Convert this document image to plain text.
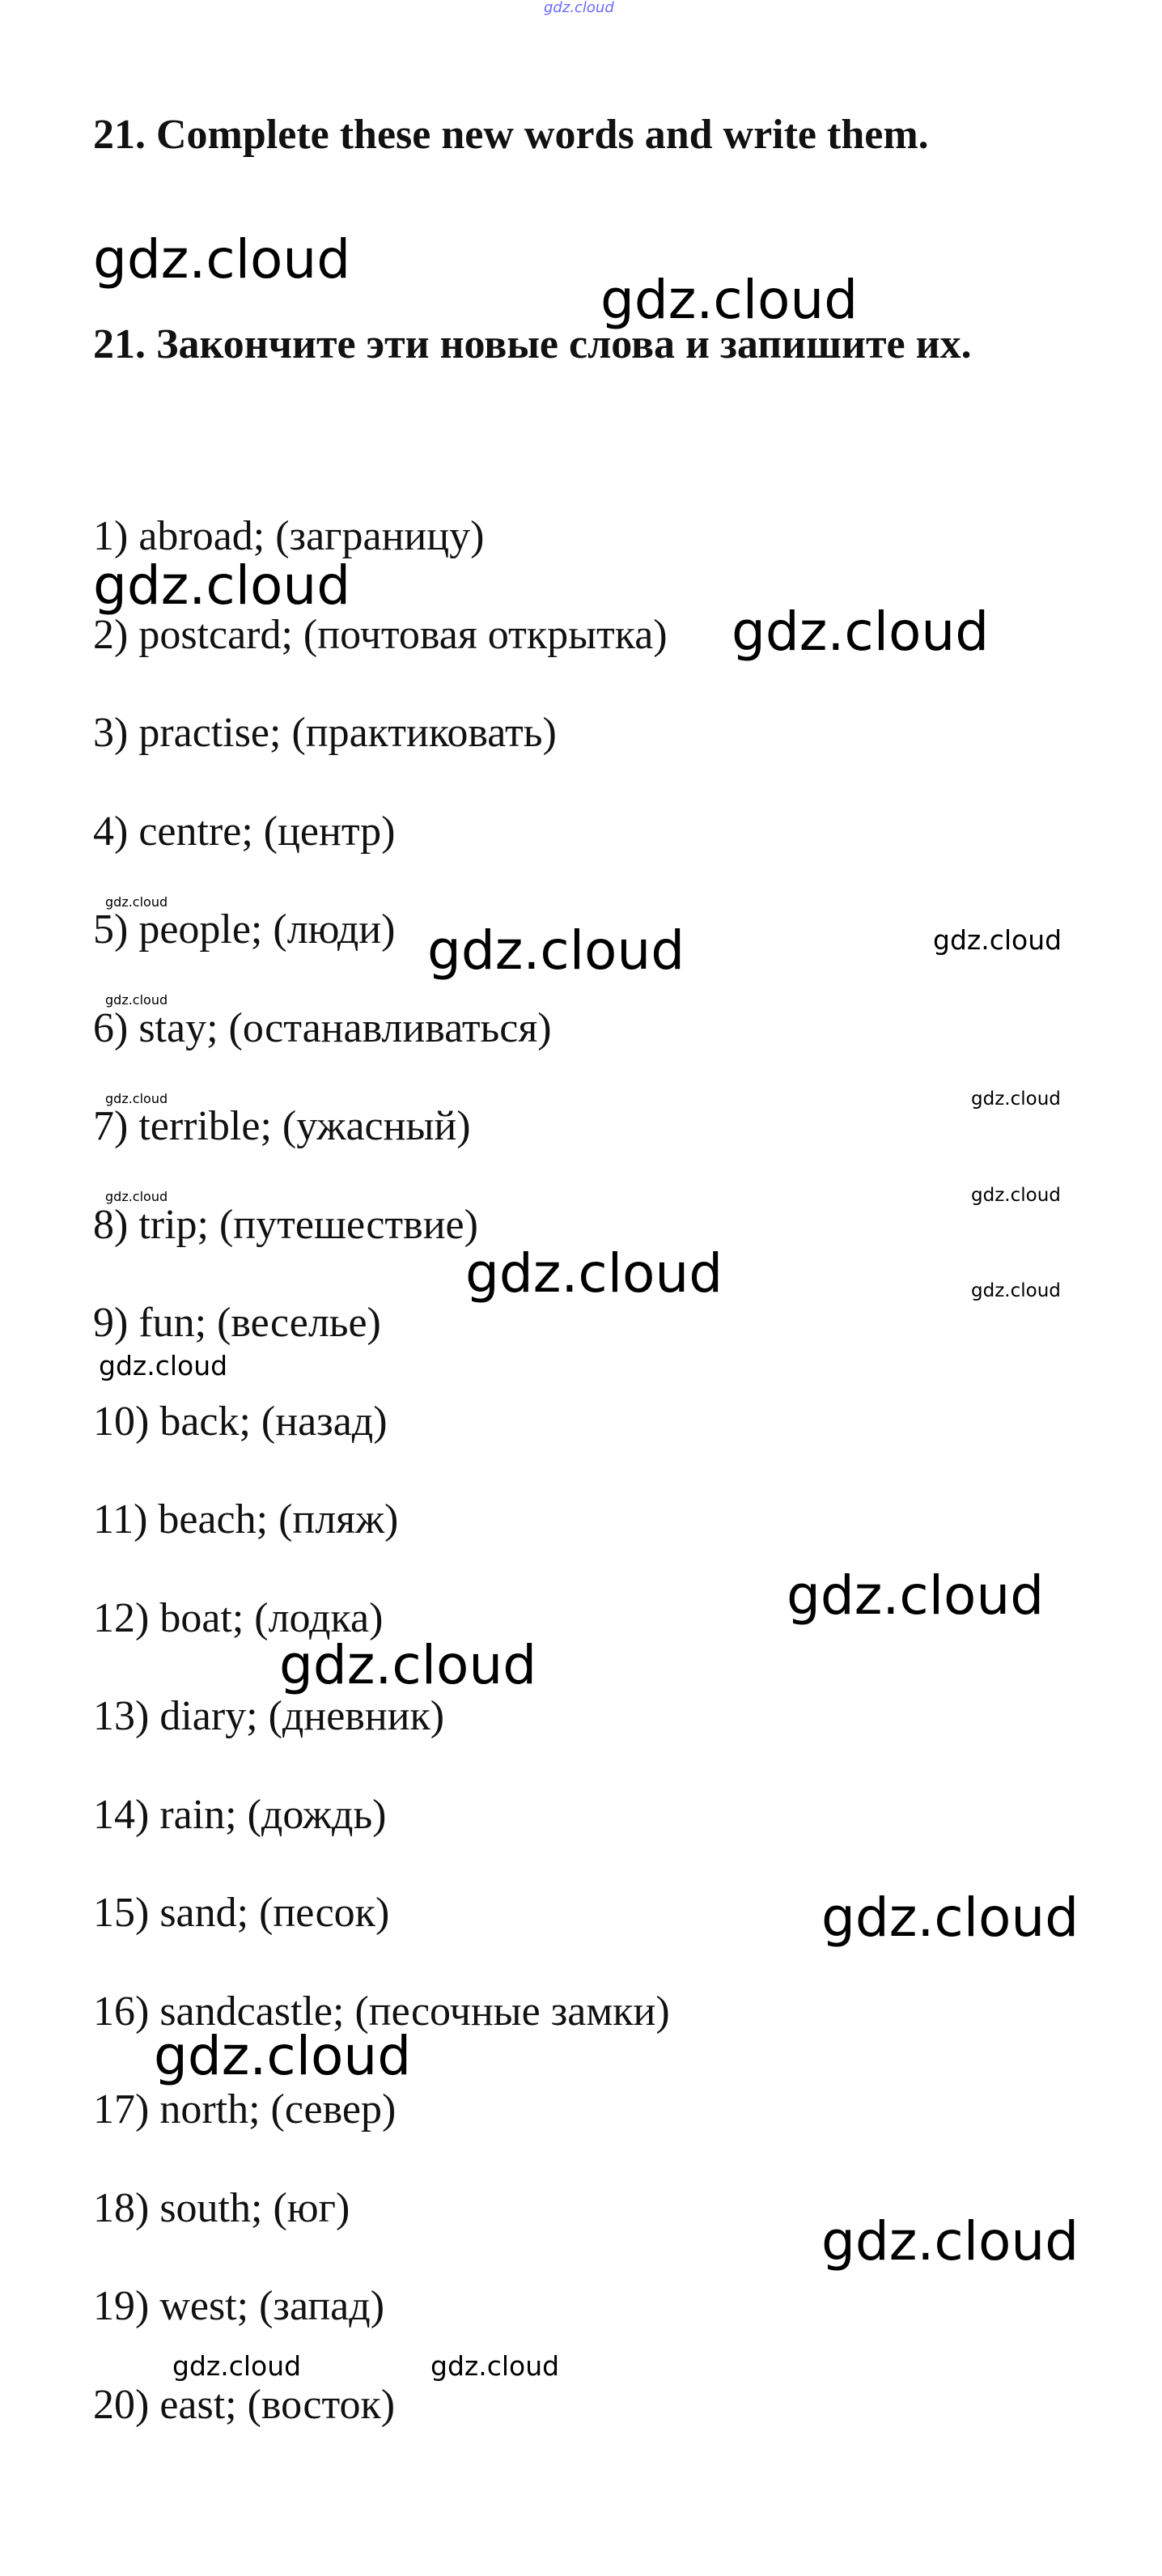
gdz.cloud
21. Complete these new words and write them.
gdz.cloud
gdz.cloud
21. Закончите эти новые слова и запишите их.
1) abroad; (заграницу)
2) postcard; (почтовая открытка)
3) practise; (практиковать)
4) centre; (центр)
5) people; (люди)
6) stay; (останавливаться)
7) terrible; (ужасный)
8) trip; (путешествие)
9) fun; (веселье)
10) back; (назад)
11) beach; (пляж)
12) boat; (лодка)
13) diary; (дневник)
14) rain; (дождь)
15) sand; (песок)
16) sandcastle; (песочные замки)
17) north; (север)
18) south; (юг)
19) west; (запад)
20) east; (восток)
gdz.cloud
gdz.cloud
gdz.cloud
gdz.cloud	gdz.cloud
gdz.cloud
gdz.cloud	gdz.cloud
gdz.cloud	gdz.cloud
gdz.cloud	gdz.cloud
gdz.cloud
gdz.cloud
gdz.cloud
gdz.cloud
gdz.cloud
gdz.cloud
gdz.cloud	gdz.cloud
